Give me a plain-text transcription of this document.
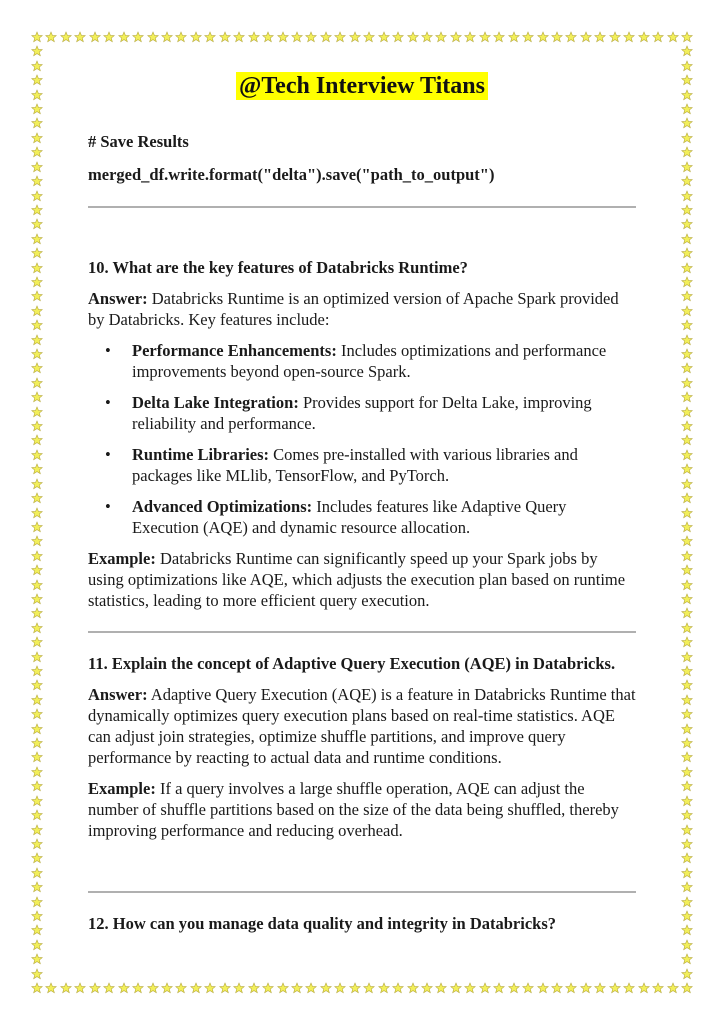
@Tech Interview Titans
# Save Results
merged_df.write.format("delta").save("path_to_output")
10. What are the key features of Databricks Runtime?
Answer: Databricks Runtime is an optimized version of Apache Spark provided by Databricks. Key features include:
• Performance Enhancements: Includes optimizations and performance improvements beyond open-source Spark.
• Delta Lake Integration: Provides support for Delta Lake, improving reliability and performance.
• Runtime Libraries: Comes pre-installed with various libraries and packages like MLlib, TensorFlow, and PyTorch.
• Advanced Optimizations: Includes features like Adaptive Query Execution (AQE) and dynamic resource allocation.
Example: Databricks Runtime can significantly speed up your Spark jobs by using optimizations like AQE, which adjusts the execution plan based on runtime statistics, leading to more efficient query execution.
11. Explain the concept of Adaptive Query Execution (AQE) in Databricks.
Answer: Adaptive Query Execution (AQE) is a feature in Databricks Runtime that dynamically optimizes query execution plans based on real-time statistics. AQE can adjust join strategies, optimize shuffle partitions, and improve query performance by reacting to actual data and runtime conditions.
Example: If a query involves a large shuffle operation, AQE can adjust the number of shuffle partitions based on the size of the data being shuffled, thereby improving performance and reducing overhead.
12. How can you manage data quality and integrity in Databricks?
